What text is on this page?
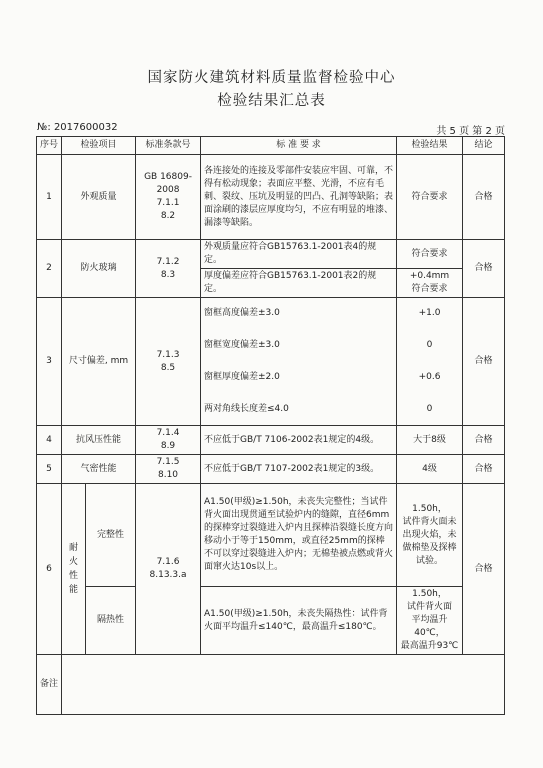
国家防火建筑材料质量监督检验中心
检验结果汇总表
№: 2017600032	共 5 页 第 2 页
序号	检验项目		标准条款号	标 准 要 求	检验结果	结论
1	外观质量		GB 16809-2008
7.1.1
8.2	各连接处的连接及零部件安装应牢固、可靠，不得有松动现象；表面应平整、光滑，不应有毛刺、裂纹、压坑及明显的凹凸、孔洞等缺陷；表面涂刷的漆层应厚度均匀，不应有明显的堆漆、漏漆等缺陷。	符合要求	合格
2	防火玻璃		7.1.2
8.3	外观质量应符合GB15763.1-2001表4的规定。	符合要求	合格
				厚度偏差应符合GB15763.1-2001表2的规定。	+0.4mm
符合要求	
3	尺寸偏差, mm		7.1.3
8.5	窗框高度偏差±3.0	+1.0	合格
				窗框宽度偏差±3.0	0	
				窗框厚度偏差±2.0	+0.6	
				两对角线长度差≤4.0	0	
4	抗风压性能		7.1.4
8.9	不应低于GB/T 7106-2002表1规定的4级。	大于8级	合格
5	气密性能		7.1.5
8.10	不应低于GB/T 7107-2002表1规定的3级。	4级	合格
6	耐
火
性
能	完整性	7.1.6
8.13.3.a	A1.50(甲级)≥1.50h，未丧失完整性；当试件背火面出现贯通至试验炉内的缝隙，直径6mm的探棒穿过裂缝进入炉内且探棒沿裂缝长度方向移动小于等于150mm，或直径25mm的探棒不可以穿过裂缝进入炉内；无棉垫被点燃或背火面窜火达10s以上。	1.50h，
试件背火面未出现火焰，未做棉垫及探棒试验。	合格
		隔热性		A1.50(甲级)≥1.50h，未丧失隔热性：试件背火面平均温升≤140℃，最高温升≤180℃。	1.50h，
试件背火面
平均温升40℃，
最高温升93℃	
备注						
